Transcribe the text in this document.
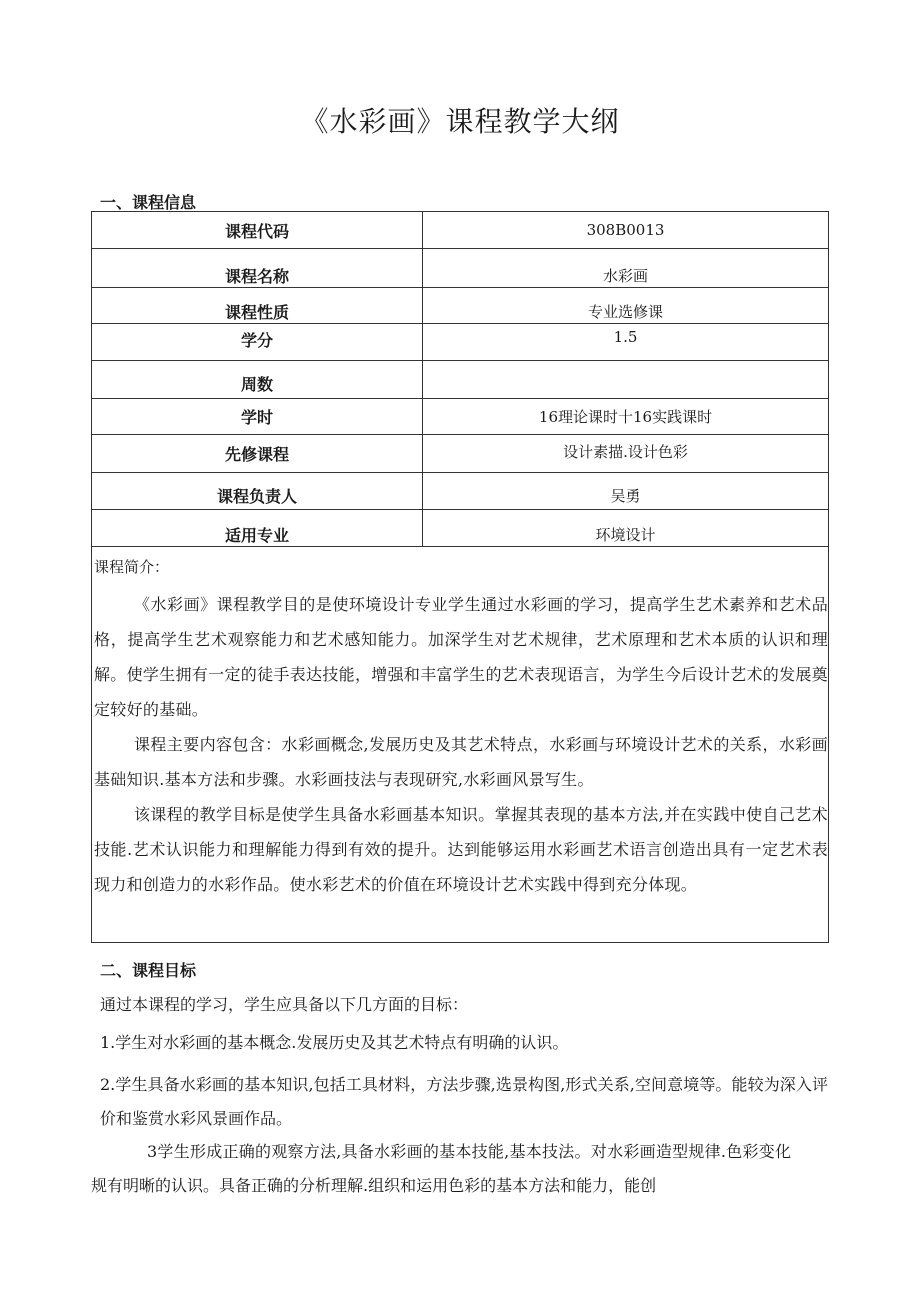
《水彩画》课程教学大纲
一、课程信息
课程代码	308B0013
课程名称	水彩画
课程性质	专业选修课
学分	1.5
周数	
学时	16理论课时十16实践课时
先修课程	设计素描.设计色彩
课程负责人	吴勇
适用专业	环境设计
课程简介：

《水彩画》课程教学目的是使环境设计专业学生通过水彩画的学习，提高学生艺术素养和艺术品格，提高学生艺术观察能力和艺术感知能力。加深学生对艺术规律，艺术原理和艺术本质的认识和理解。使学生拥有一定的徒手表达技能，增强和丰富学生的艺术表现语言，为学生今后设计艺术的发展奠定较好的基础。

课程主要内容包含：水彩画概念,发展历史及其艺术特点，水彩画与环境设计艺术的关系，水彩画基础知识.基本方法和步骤。水彩画技法与表现研究,水彩画风景写生。

该课程的教学目标是使学生具备水彩画基本知识。掌握其表现的基本方法,并在实践中使自己艺术技能.艺术认识能力和理解能力得到有效的提升。达到能够运用水彩画艺术语言创造出具有一定艺术表现力和创造力的水彩作品。使水彩艺术的价值在环境设计艺术实践中得到充分体现。

二、课程目标

通过本课程的学习，学生应具备以下几方面的目标：

1.学生对水彩画的基本概念.发展历史及其艺术特点有明确的认识。

2.学生具备水彩画的基本知识,包括工具材料，方法步骤,选景构图,形式关系,空间意境等。能较为深入评价和鉴赏水彩风景画作品。

3学生形成正确的观察方法,具备水彩画的基本技能,基本技法。对水彩画造型规律.色彩变化规有明晰的认识。具备正确的分析理解.组织和运用色彩的基本方法和能力，能创
